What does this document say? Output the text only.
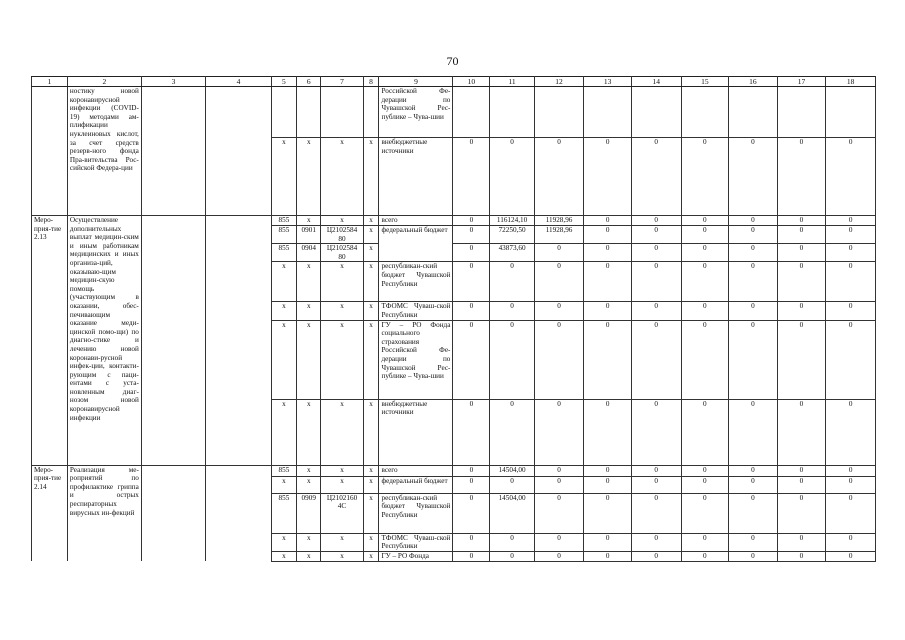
70
1	2	3	4	5	6	7	8	9	10	11	12	13	14	15	16	17	18
	ностику новой коронавирусной инфекции (COVID-19) методами ам-плификации нуклеиновых кислот, за счет средств резерв-ного фонда Пра-вительства Рос-сийской Федера-ции							Российской Фе-дерации по Чувашской Рес-публике – Чува-шии									
				х	х	х	х	внебюджетные источники	0	0	0	0	0	0	0	0	0
Меро-прия-тие 2.13	Осуществление дополнительных выплат медицин-ским и иным работникам медицинских и иных организа-ций, оказываю-щим медицин-скую помощь (участвующим в оказании, обес-печивающим оказание меди-цинской помо-щи) по диагно-стике и лечению новой коронави-русной инфек-ции, контакти-рующим с паци-ентами с уста-новленным диаг-нозом новой коронавирусной инфекции			855	х	х	х	всего	0	116124,10	11928,96	0	0	0	0	0	0
				855	0901	Ц2102584 80	х	федеральный бюджет	0	72250,50	11928,96	0	0	0	0	0	0
				855	0904	Ц2102584 80	х		0	43873,60	0	0	0	0	0	0	0
				х	х	х	х	республикан-ский бюджет Чувашской Республики	0	0	0	0	0	0	0	0	0
				х	х	х	х	ТФОМС Чуваш-ской Республики	0	0	0	0	0	0	0	0	0
				х	х	х	х	ГУ – РО Фонда социального страхования Российской Фе-дерации по Чувашской Рес-публике – Чува-шии	0	0	0	0	0	0	0	0	0
				х	х	х	х	внебюджетные источники	0	0	0	0	0	0	0	0	0
Меро-прия-тие 2.14	Реализация ме-роприятий по профилактике гриппа и острых респираторных вирусных ин-фекций			855	х	х	х	всего	0	14504,00	0	0	0	0	0	0	0
				х	х	х	х	федеральный бюджет	0	0	0	0	0	0	0	0	0
				855	0909	Ц2102160 4С	х	республикан-ский бюджет Чувашской Республики	0	14504,00	0	0	0	0	0	0	0
				х	х	х	х	ТФОМС Чуваш-ской Республики	0	0	0	0	0	0	0	0	0
				х	х	х	х	ГУ – РО Фонда	0	0	0	0	0	0	0	0	0
